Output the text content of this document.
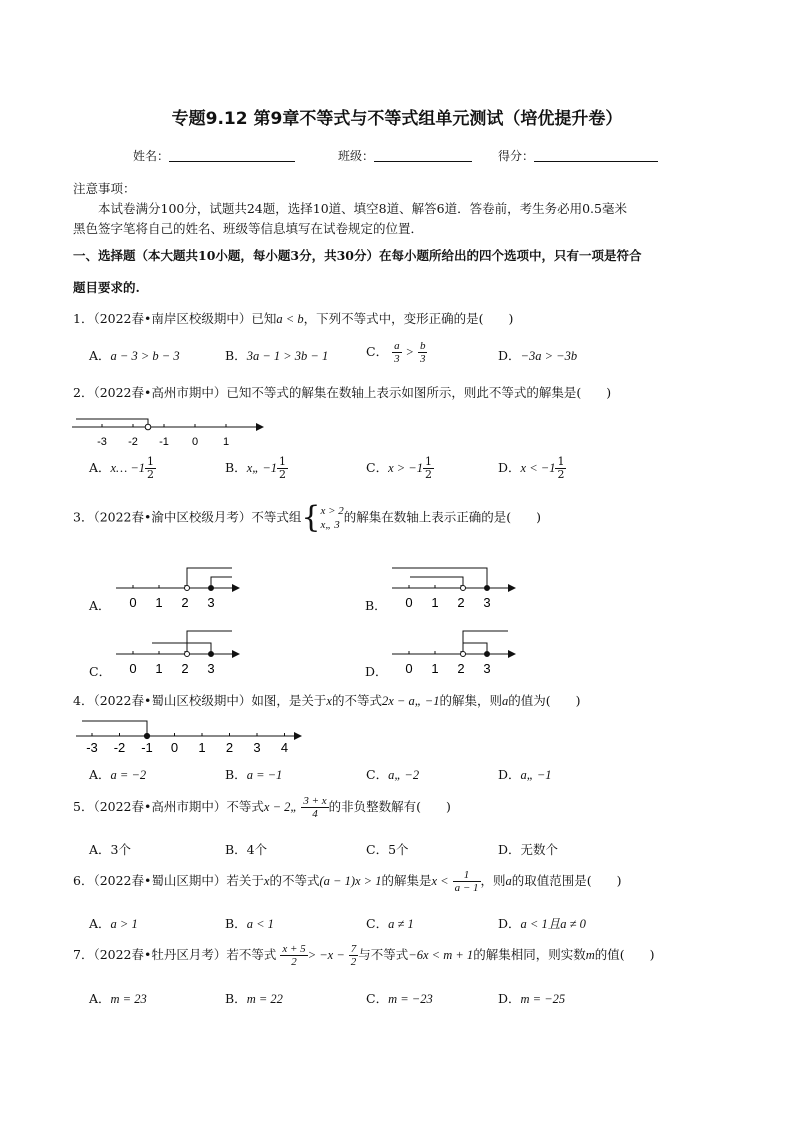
专题9.12 第9章不等式与不等式组单元测试（培优提升卷）
姓名：	班级：	得分：
注意事项：
本试卷满分100分，试题共24题，选择10道、填空8道、解答6道．答卷前，考生务必用0.5毫米
黑色签字笔将自己的姓名、班级等信息填写在试卷规定的位置．
一、选择题（本大题共10小题，每小题3分，共30分）在每小题所给出的四个选项中，只有一项是符合
题目要求的.
1．（2022春•南岸区校级期中）已知a < b，下列不等式中，变形正确的是(　　)
A．a − 3 > b − 3	B．3a − 1 > 3b − 1	C． $\frac{a}{3} > \frac{b}{3}$	D．−3a > −3b
2．（2022春•高州市期中）已知不等式的解集在数轴上表示如图所示，则此不等式的解集是(　　)
-3 -2 -1 0 1
A．x… $-1 \frac{1}{2}$	B．x„ $-1 \frac{1}{2}$	C．$x > -1 \frac{1}{2}$	D．$x < -1 \frac{1}{2}$
3．（2022春•渝中区校级月考）不等式组{ x > 2
x„ 3
的解集在数轴上表示正确的是(　　)
A． 0 1 2 3	B． 0 1 2 3
C． 0 1 2 3	D． 0 1 2 3
4．（2022春•蜀山区校级期中）如图，是关于x的不等式2x − a„ −1的解集，则a的值为(　　)
-3 -2 -1 0 1 2 3 4
A．a = −2	B．a = −1	C．a„ −2	D．a„ −1
5．（2022春•高州市期中）不等式x − 2„ $\frac{3 + x}{4}$ 的非负整数解有(　　)
A．3个	B．4个	C．5个	D．无数个
6．（2022春•蜀山区期中）若关于x的不等式(a − 1)x > 1的解集是$x < \frac{1}{a - 1}$ ，则a的取值范围是(　　)
A．a > 1	B．a < 1	C．a ≠ 1	D．a < 1且a ≠ 0
7．（2022春•牡丹区月考）若不等式 $\frac{x + 5}{2} > -x - \frac{7}{2}$ 与不等式−6x < m + 1的解集相同，则实数m的值(　　)
A．m = 23	B．m = 22	C．m = −23	D．m = −25
